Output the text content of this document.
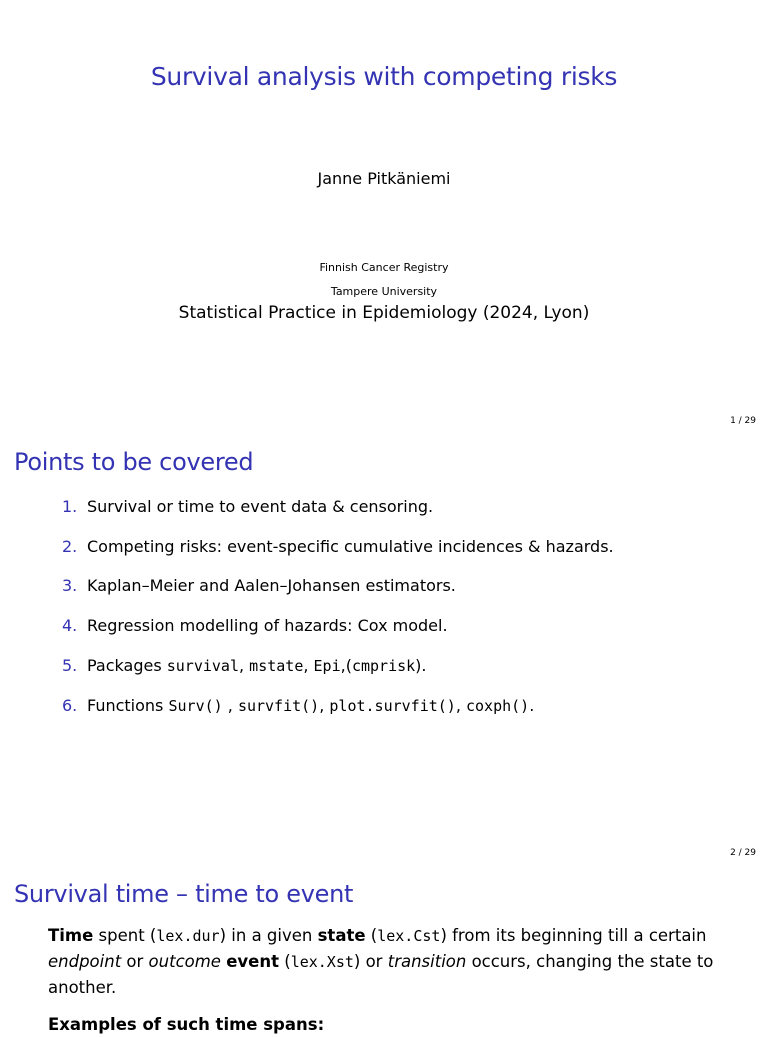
Survival analysis with competing risks
Janne Pitkäniemi
Finnish Cancer Registry
Tampere University
Statistical Practice in Epidemiology (2024, Lyon)
1 / 29
Points to be covered
1. Survival or time to event data & censoring.
2. Competing risks: event-specific cumulative incidences & hazards.
3. Kaplan–Meier and Aalen–Johansen estimators.
4. Regression modelling of hazards: Cox model.
5. Packages survival, mstate, Epi,(cmprisk).
6. Functions Surv() , survfit(), plot.survfit(), coxph().
2 / 29
Survival time – time to event
Time spent (lex.dur) in a given state (lex.Cst) from its beginning till a certain endpoint or outcome event (lex.Xst) or transition occurs, changing the state to another.
Examples of such time spans:
